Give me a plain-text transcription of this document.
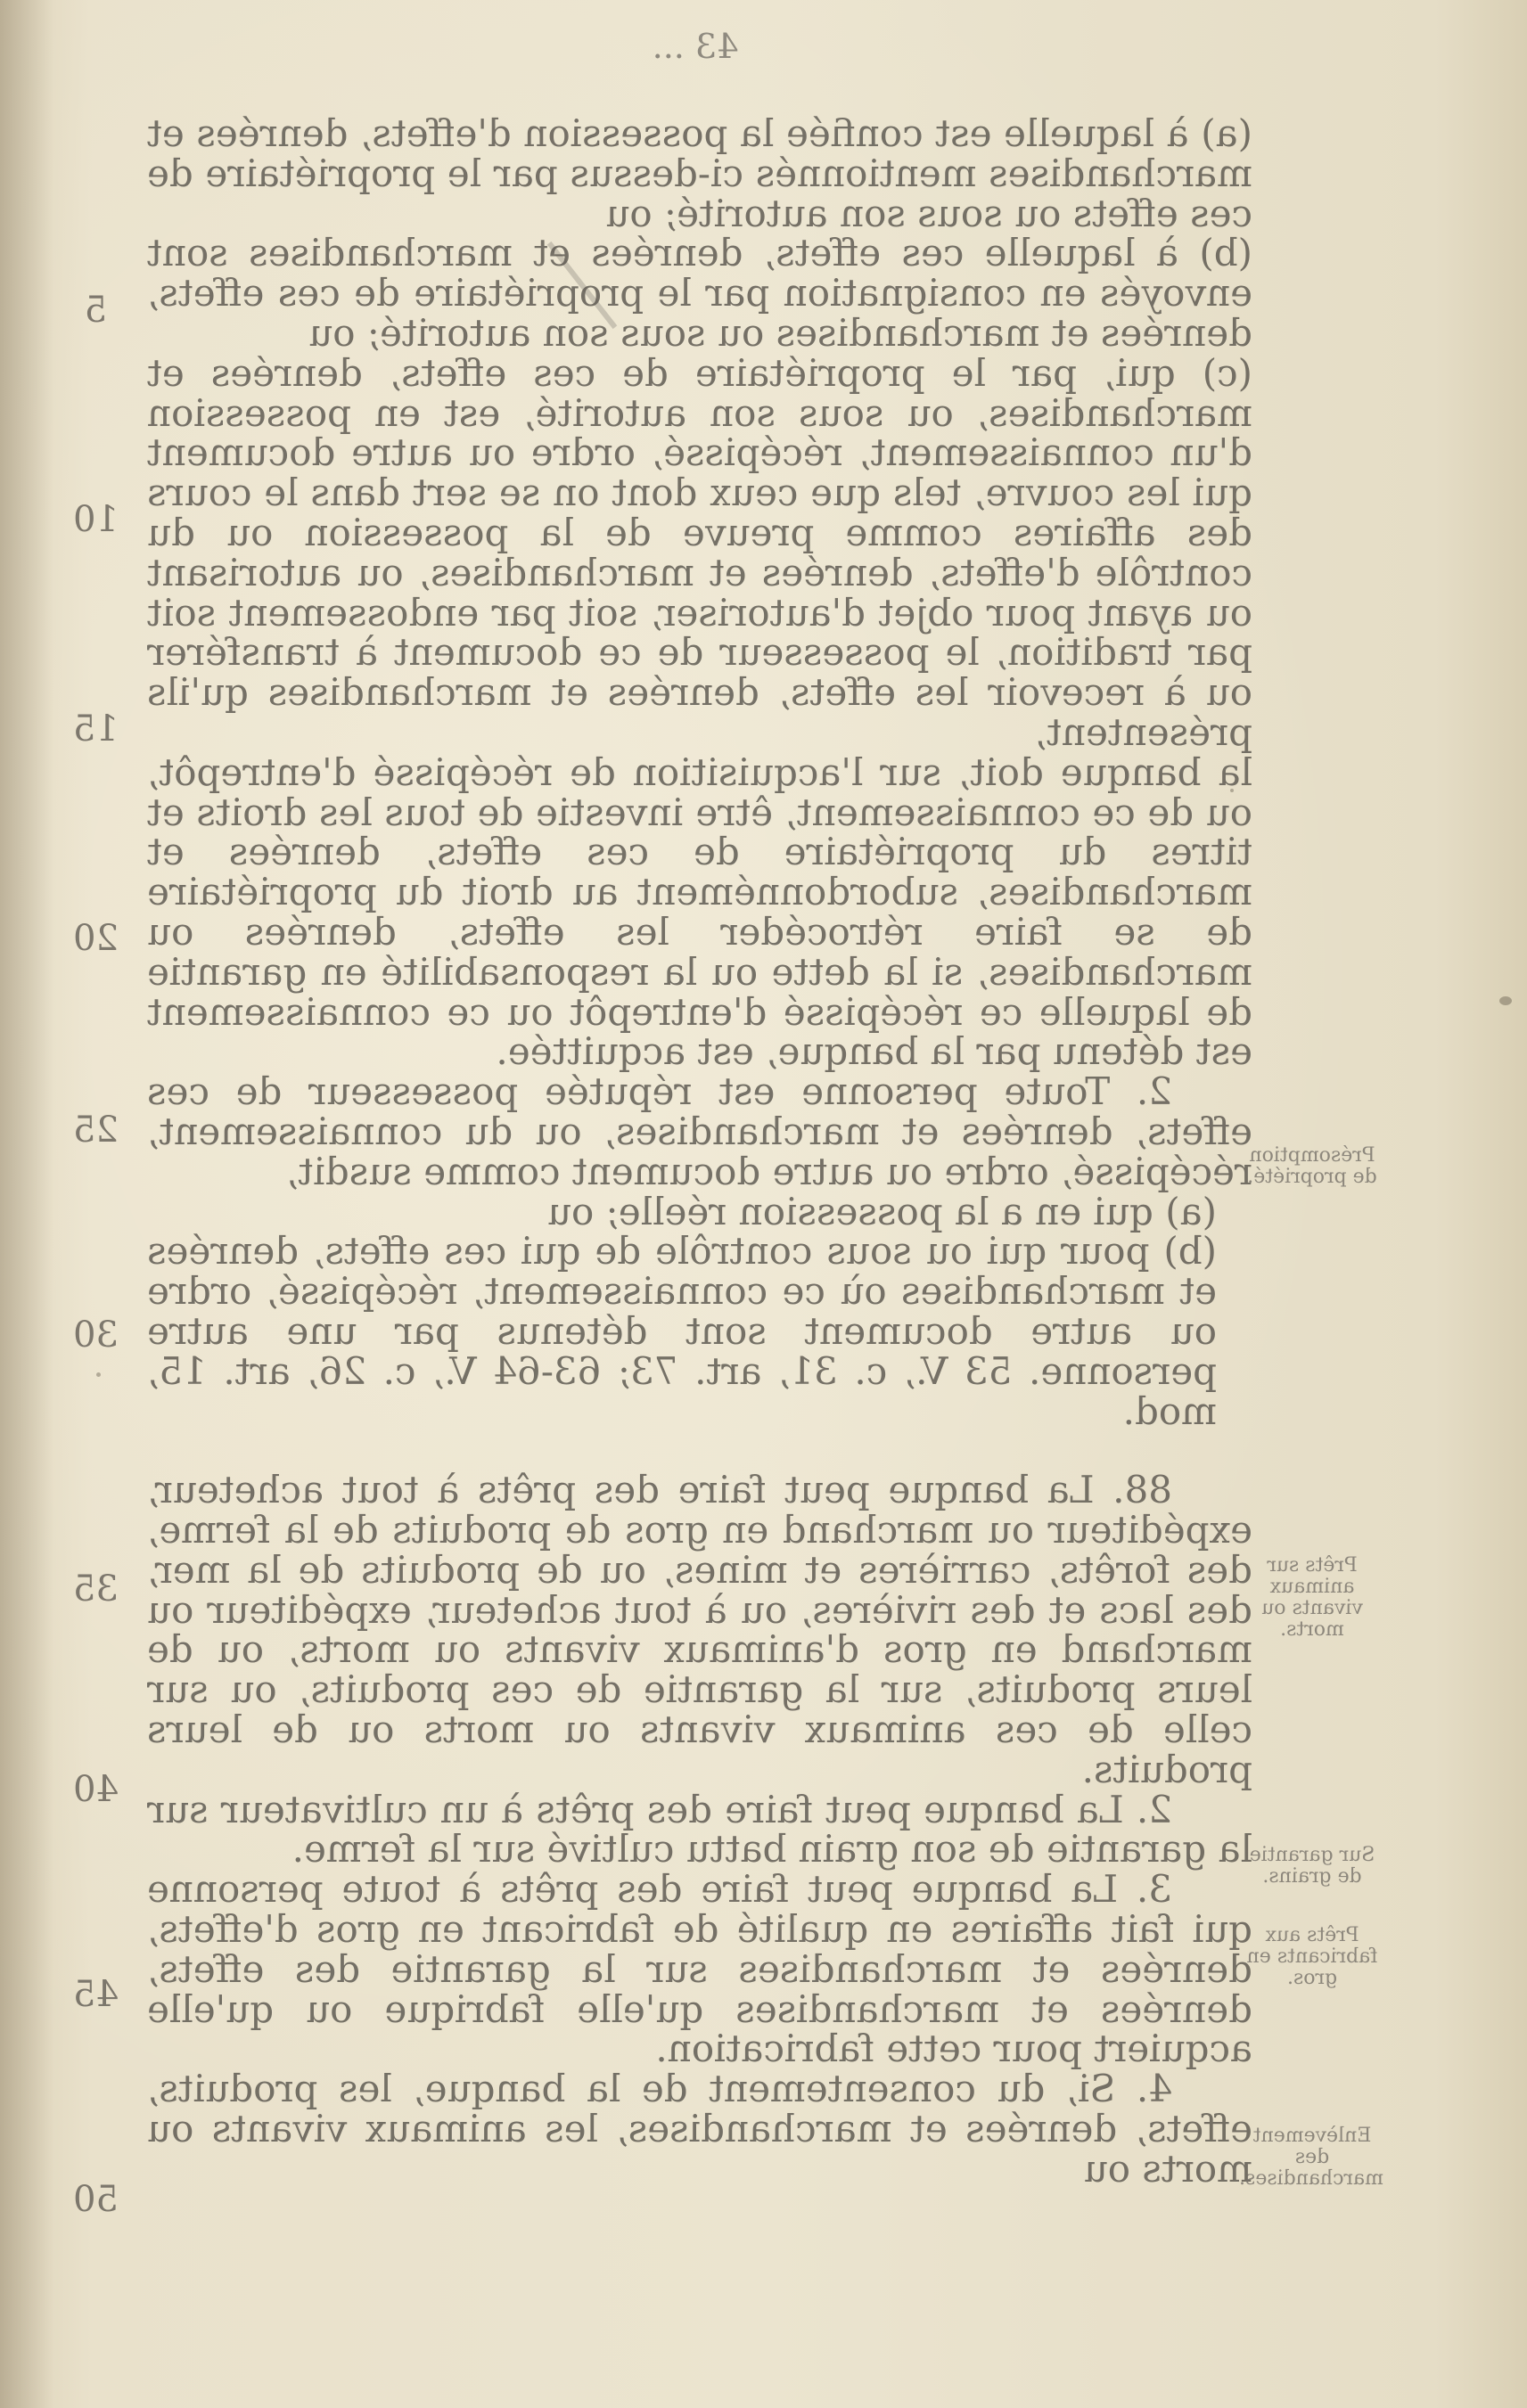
43 ...

(a) à laquelle est confiée la possession d'effets, denrées et marchandises mentionnés ci-dessus par le propriétaire de ces effets ou sous son autorité; ou

(b) à laquelle ces effets, denrées et marchandises sont envoyés en consignation par le propriétaire de ces effets, denrées et marchandises ou sous son autorité; ou

(c) qui, par le propriétaire de ces effets, denrées et marchandises, ou sous son autorité, est en possession d'un connaissement, récépissé, ordre ou autre document qui les couvre, tels que ceux dont on se sert dans le cours des affaires comme preuve de la possession ou du contrôle d'effets, denrées et marchandises, ou autorisant ou ayant pour objet d'autoriser, soit par endossement soit par tradition, le possesseur de ce document à transférer ou à recevoir les effets, denrées et marchandises qu'ils présentent,

la banque doit, sur l'acquisition de récépissé d'entrepôt, ou de ce connaissement, être investie de tous les droits et titres du propriétaire de ces effets, denrées et marchandises, subordonnément au droit du propriétaire de se faire rétrocéder les effets, denrées ou marchandises, si la dette ou la responsabilité en garantie de laquelle ce récépissé d'entrepôt ou ce connaissement est détenu par la banque, est acquittée.

2. Toute personne est réputée possesseur de ces effets, denrées et marchandises, ou du connaissement, récépissé, ordre ou autre document comme susdit,

(a) qui en a la possession réelle; ou

(b) pour qui ou sous contrôle de qui ces effets, denrées et marchandises où ce connaissement, récépissé, ordre ou autre document sont détenus par une autre personne. 53 V., c. 31, art. 73; 63-64 V., c. 26, art. 15, mod.

88. La banque peut faire des prêts à tout acheteur, expéditeur ou marchand en gros de produits de la ferme, des forêts, carrières et mines, ou de produits de la mer, des lacs et des rivières, ou à tout acheteur, expéditeur ou marchand en gros d'animaux vivants ou morts, ou de leurs produits, sur la garantie de ces produits, ou sur celle de ces animaux vivants ou morts ou de leurs produits.

2. La banque peut faire des prêts à un cultivateur sur la garantie de son grain battu cultivé sur la ferme.

3. La banque peut faire des prêts à toute personne qui fait affaires en qualité de fabricant en gros d'effets, denrées et marchandises sur la garantie des effets, denrées et marchandises qu'elle fabrique ou qu'elle acquiert pour cette fabrication.

4. Si, du consentement de la banque, les produits, effets, denrées et marchandises, les animaux vivants ou morts ou

5
10
15
20
25
30
35
40
45
50
Présomption de propriété.
Prêts sur animaux vivants ou morts.
Sur garantie de grains.
Prêts aux fabricants en gros.
Enlèvement des marchandises.
